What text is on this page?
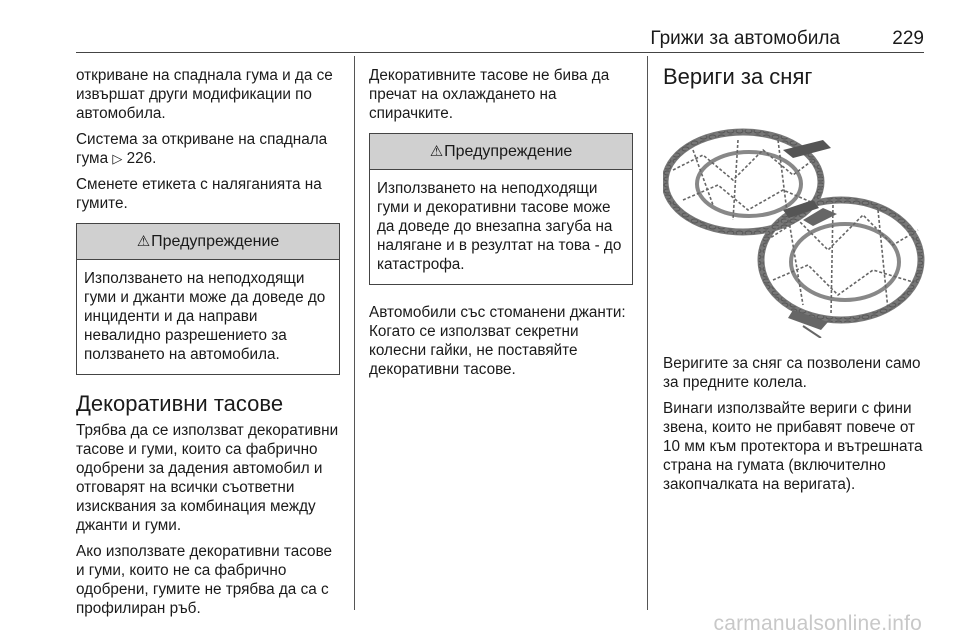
Грижи за автомобила	229

откриване на спаднала гума и да се извършат други модификации по автомобила.

Система за откриване на спаднала гума ▷ 226.

Сменете етикета с наляганията на гумите.

⚠Предупреждение
Използването на неподходящи гуми и джанти може да доведе до инциденти и да направи невалидно разрешението за ползването на автомобила.
Декоративни тасове

Трябва да се използват декоративни тасове и гуми, които са фабрично одобрени за дадения автомобил и отговарят на всички съответни изисквания за комбинация между джанти и гуми.

Ако използвате декоративни тасове и гуми, които не са фабрично одобрени, гумите не трябва да са с профилиран ръб.

Декоративните тасове не бива да пречат на охлаждането на спирачките.

⚠Предупреждение
Използването на неподходящи гуми и декоративни тасове може да доведе до внезапна загуба на налягане и в резултат на това - до катастрофа.

Автомобили със стоманени джанти: Когато се използват секретни колесни гайки, не поставяйте декоративни тасове.

Вериги за сняг

Веригите за сняг са позволени само за предните колела.

Винаги използвайте вериги с фини звена, които не прибавят повече от 10 мм към протектора и вътрешната страна на гумата (включително закопчалката на веригата).

carmanualsonline.info
